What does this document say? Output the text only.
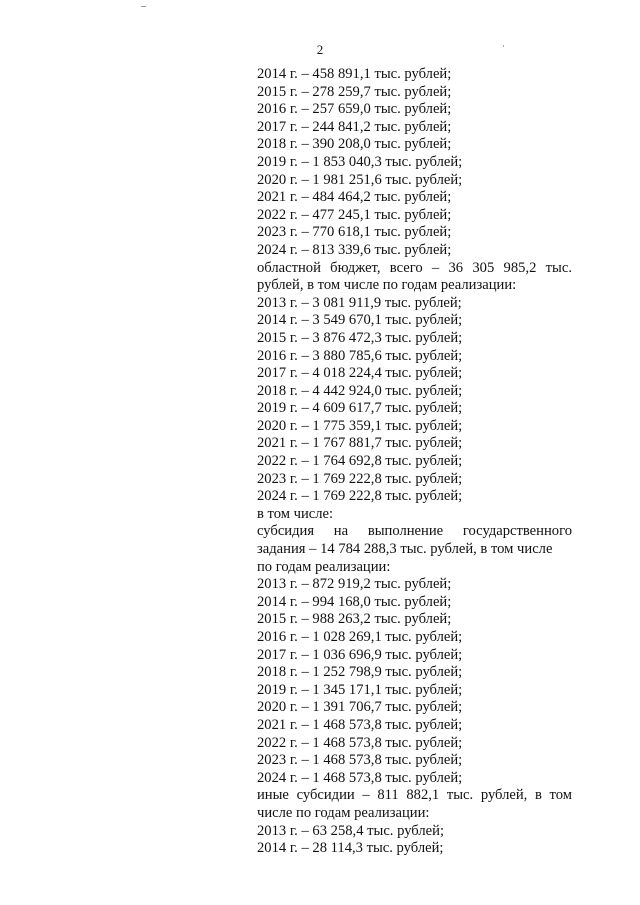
2
2014 г. – 458 891,1 тыс. рублей;
2015 г. – 278 259,7 тыс. рублей;
2016 г. – 257 659,0 тыс. рублей;
2017 г. – 244 841,2 тыс. рублей;
2018 г. – 390 208,0 тыс. рублей;
2019 г. – 1 853 040,3 тыс. рублей;
2020 г. – 1 981 251,6 тыс. рублей;
2021 г. – 484 464,2 тыс. рублей;
2022 г. – 477 245,1 тыс. рублей;
2023 г. – 770 618,1 тыс. рублей;
2024 г. – 813 339,6 тыс. рублей;
областной бюджет, всего – 36 305 985,2 тыс.
рублей, в том числе по годам реализации:
2013 г. – 3 081 911,9 тыс. рублей;
2014 г. – 3 549 670,1 тыс. рублей;
2015 г. – 3 876 472,3 тыс. рублей;
2016 г. – 3 880 785,6 тыс. рублей;
2017 г. – 4 018 224,4 тыс. рублей;
2018 г. – 4 442 924,0 тыс. рублей;
2019 г. – 4 609 617,7 тыс. рублей;
2020 г. – 1 775 359,1 тыс. рублей;
2021 г. – 1 767 881,7 тыс. рублей;
2022 г. – 1 764 692,8 тыс. рублей;
2023 г. – 1 769 222,8 тыс. рублей;
2024 г. – 1 769 222,8 тыс. рублей;
в том числе:
субсидия на выполнение государственного
задания – 14 784 288,3 тыс. рублей, в том числе
по годам реализации:
2013 г. – 872 919,2 тыс. рублей;
2014 г. – 994 168,0 тыс. рублей;
2015 г. – 988 263,2 тыс. рублей;
2016 г. – 1 028 269,1 тыс. рублей;
2017 г. – 1 036 696,9 тыс. рублей;
2018 г. – 1 252 798,9 тыс. рублей;
2019 г. – 1 345 171,1 тыс. рублей;
2020 г. – 1 391 706,7 тыс. рублей;
2021 г. – 1 468 573,8 тыс. рублей;
2022 г. – 1 468 573,8 тыс. рублей;
2023 г. – 1 468 573,8 тыс. рублей;
2024 г. – 1 468 573,8 тыс. рублей;
иные субсидии – 811 882,1 тыс. рублей, в том
числе по годам реализации:
2013 г. – 63 258,4 тыс. рублей;
2014 г. – 28 114,3 тыс. рублей;
